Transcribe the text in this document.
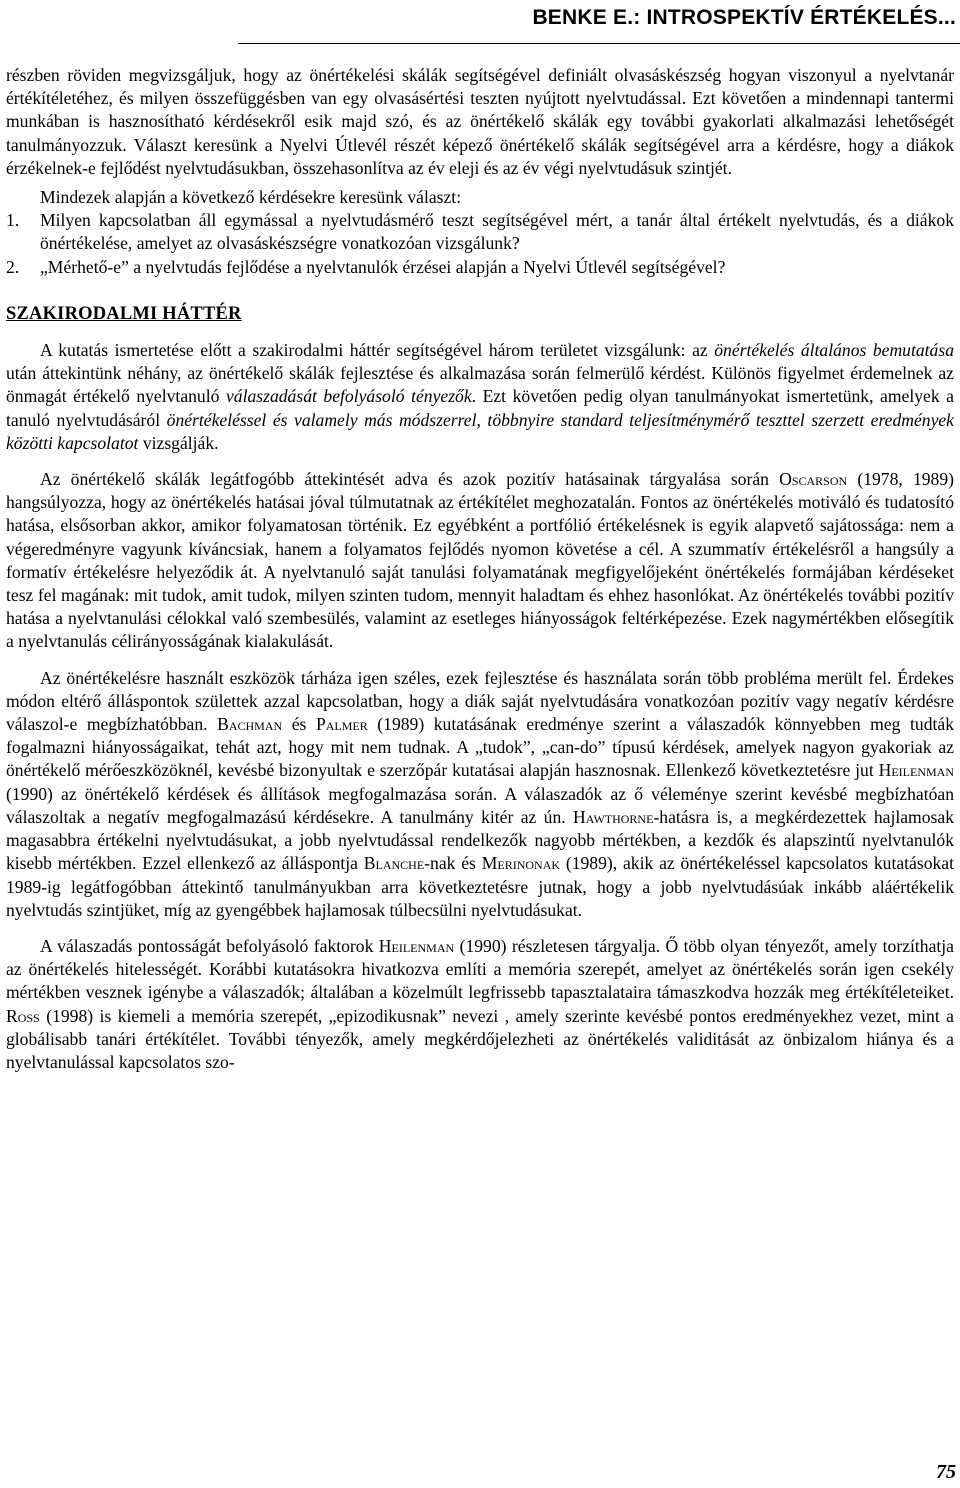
BENKE E.: INTROSPEKTÍV ÉRTÉKELÉS...

részben röviden megvizsgáljuk, hogy az önértékelési skálák segítségével definiált olvasáskészség hogyan viszonyul a nyelvtanár értékítéletéhez, és milyen összefüggésben van egy olvasásértési teszten nyújtott nyelvtudással. Ezt követően a mindennapi tantermi munkában is hasznosítható kérdésekről esik majd szó, és az önértékelő skálák egy további gyakorlati alkalmazási lehetőségét tanulmányozzuk. Választ keresünk a Nyelvi Útlevél részét képező önértékelő skálák segítségével arra a kérdésre, hogy a diákok érzékelnek-e fejlődést nyelvtudásukban, összehasonlítva az év eleji és az év végi nyelvtudásuk szintjét.

Mindezek alapján a következő kérdésekre keresünk választ:

1. Milyen kapcsolatban áll egymással a nyelvtudásmérő teszt segítségével mért, a tanár által értékelt nyelvtudás, és a diákok önértékelése, amelyet az olvasáskészségre vonatkozóan vizsgálunk?

2. „Mérhető-e” a nyelvtudás fejlődése a nyelvtanulók érzései alapján a Nyelvi Útlevél segítségével?

SZAKIRODALMI HÁTTÉR

A kutatás ismertetése előtt a szakirodalmi háttér segítségével három területet vizsgálunk: az önértékelés általános bemutatása után áttekintünk néhány, az önértékelő skálák fejlesztése és alkalmazása során felmerülő kérdést. Különös figyelmet érdemelnek az önmagát értékelő nyelvtanuló válaszadását befolyásoló tényezők. Ezt követően pedig olyan tanulmányokat ismertetünk, amelyek a tanuló nyelvtudásáról önértékeléssel és valamely más módszerrel, többnyire standard teljesítménymérő teszttel szerzett eredmények közötti kapcsolatot vizsgálják.

Az önértékelő skálák legátfogóbb áttekintését adva és azok pozitív hatásainak tárgyalása során Oscarson (1978, 1989) hangsúlyozza, hogy az önértékelés hatásai jóval túlmutatnak az értékítélet meghozatalán. Fontos az önértékelés motiváló és tudatosító hatása, elsősorban akkor, amikor folyamatosan történik. Ez egyébként a portfólió értékelésnek is egyik alapvető sajátossága: nem a végeredményre vagyunk kíváncsiak, hanem a folyamatos fejlődés nyomon követése a cél. A szummatív értékelésről a hangsúly a formatív értékelésre helyeződik át. A nyelvtanuló saját tanulási folyamatának megfigyelőjeként önértékelés formájában kérdéseket tesz fel magának: mit tudok, amit tudok, milyen szinten tudom, mennyit haladtam és ehhez hasonlókat. Az önértékelés további pozitív hatása a nyelvtanulási célokkal való szembesülés, valamint az esetleges hiányosságok feltérképezése. Ezek nagymértékben elősegítik a nyelvtanulás célirányosságának kialakulását.

Az önértékelésre használt eszközök tárháza igen széles, ezek fejlesztése és használata során több probléma merült fel. Érdekes módon eltérő álláspontok születtek azzal kapcsolatban, hogy a diák saját nyelvtudására vonatkozóan pozitív vagy negatív kérdésre válaszol-e megbízhatóbban. Bachman és Palmer (1989) kutatásának eredménye szerint a válaszadók könnyebben meg tudták fogalmazni hiányosságaikat, tehát azt, hogy mit nem tudnak. A „tudok”, „can-do” típusú kérdések, amelyek nagyon gyakoriak az önértékelő mérőeszközöknél, kevésbé bizonyultak e szerzőpár kutatásai alapján hasznosnak. Ellenkező következtetésre jut Heilenman (1990) az önértékelő kérdések és állítások megfogalmazása során. A válaszadók az ő véleménye szerint kevésbé megbízhatóan válaszoltak a negatív megfogalmazású kérdésekre. A tanulmány kitér az ún. Hawthorne-hatásra is, a megkérdezettek hajlamosak magasabbra értékelni nyelvtudásukat, a jobb nyelvtudással rendelkezők nagyobb mértékben, a kezdők és alapszintű nyelvtanulók kisebb mértékben. Ezzel ellenkező az álláspontja Blanche-nak és Merinonak (1989), akik az önértékeléssel kapcsolatos kutatásokat 1989-ig legátfogóbban áttekintő tanulmányukban arra következtetésre jutnak, hogy a jobb nyelvtudásúak inkább aláértékelik nyelvtudás szintjüket, míg az gyengébbek hajlamosak túlbecsülni nyelvtudásukat.

A válaszadás pontosságát befolyásoló faktorok Heilenman (1990) részletesen tárgyalja. Ő több olyan tényezőt, amely torzíthatja az önértékelés hitelességét. Korábbi kutatásokra hivatkozva említi a memória szerepét, amelyet az önértékelés során igen csekély mértékben vesznek igénybe a válaszadók; általában a közelmúlt legfrissebb tapasztalataira támaszkodva hozzák meg értékítéleteiket. Ross (1998) is kiemeli a memória szerepét, „epizodikusnak” nevezi , amely szerinte kevésbé pontos eredményekhez vezet, mint a globálisabb tanári értékítélet. További tényezők, amely megkérdőjelezheti az önértékelés validitását az önbizalom hiánya és a nyelvtanulással kapcsolatos szo-

75
